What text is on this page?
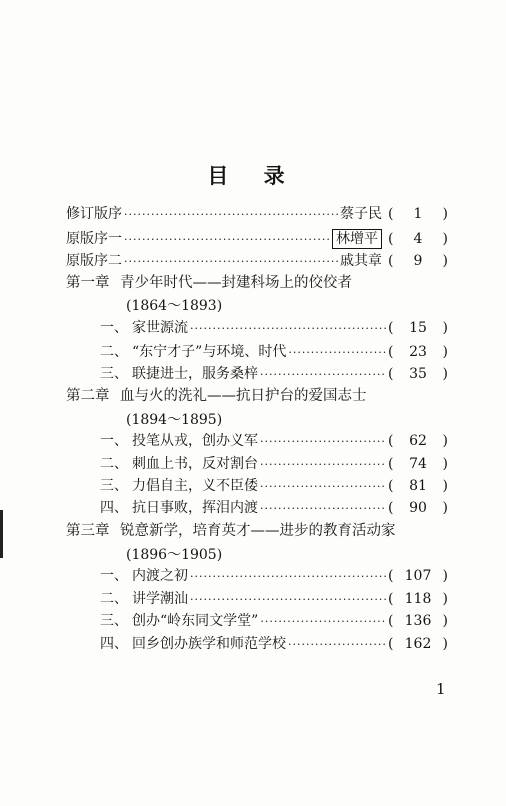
目 录
修订版序 ·····	蔡子民 (	1	)
原版序一 ·····	林增平 (	4	)
原版序二 ·····	戚其章 (	9	)
第一章 青少年时代——封建科场上的佼佼者
(1864～1893)
一、 家世源流 ·····	(	15	)
二、 “东宁才子”与环境、时代 ·····	(	23	)
三、 联捷进士，服务桑梓 ·····	(	35	)
第二章 血与火的洗礼——抗日护台的爱国志士
(1894～1895)
一、 投笔从戎，创办义军 ·····	(	62	)
二、 刺血上书，反对割台 ·····	(	74	)
三、 力倡自主，义不臣倭 ·····	(	81	)
四、 抗日事败，挥泪内渡 ·····	(	90	)
第三章 锐意新学，培育英才——进步的教育活动家
(1896～1905)
一、 内渡之初 ·····	( 107 )
二、 讲学潮汕 ·····	( 118 )
三、 创办“岭东同文学堂” ·····	( 136 )
四、 回乡创办族学和师范学校 ·····	( 162 )
1
